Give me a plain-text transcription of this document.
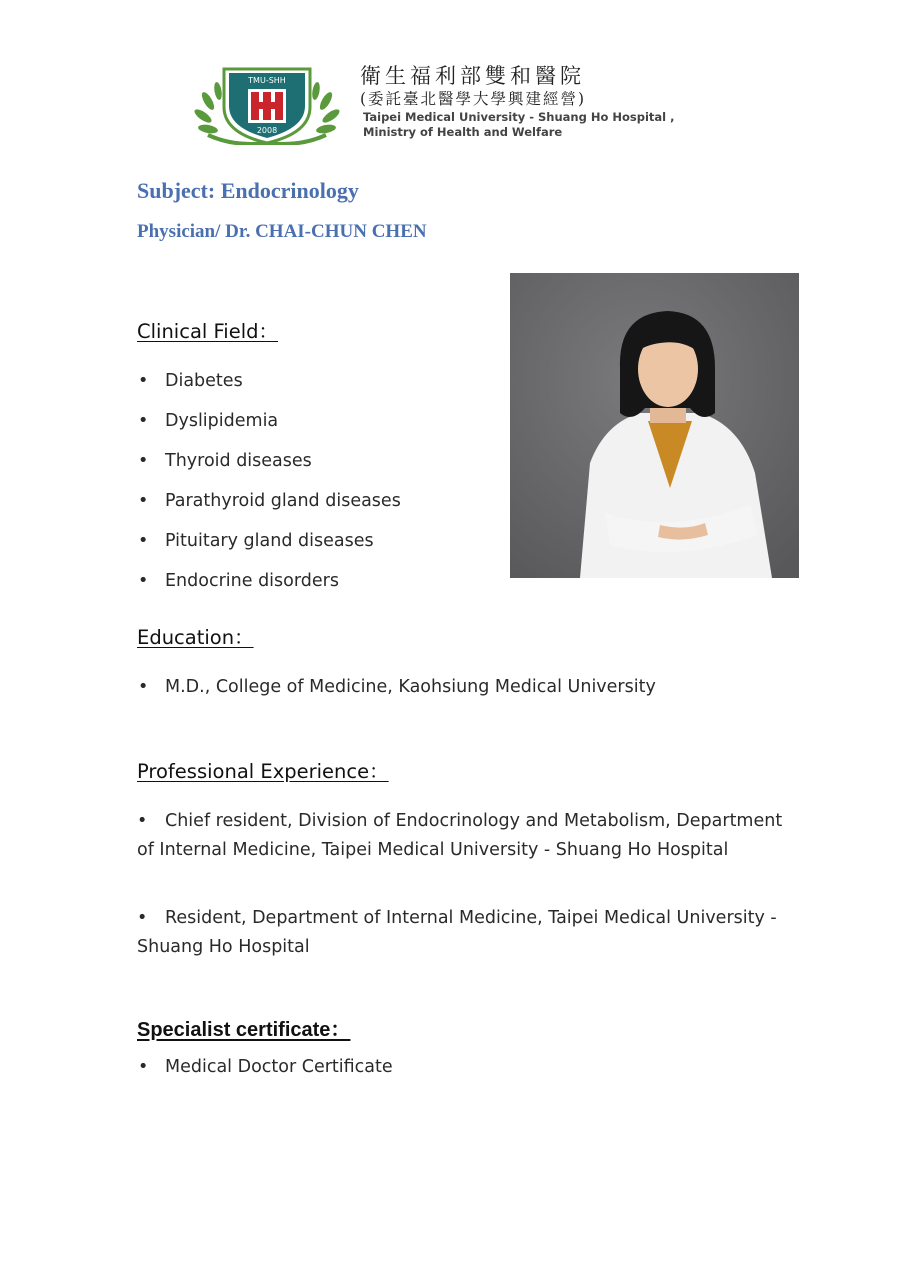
TMU-SHH
2008
衛生福利部雙和醫院
(委託臺北醫學大學興建經營)
Taipei Medical University - Shuang Ho Hospital ,
Ministry of Health and Welfare
Subject: Endocrinology
Physician/ Dr. CHAI-CHUN CHEN
Clinical Field：
• Diabetes
• Dyslipidemia
• Thyroid diseases
• Parathyroid gland diseases
• Pituitary gland diseases
• Endocrine disorders
Education：
• M.D., College of Medicine, Kaohsiung Medical University
Professional Experience：
• Chief resident, Division of Endocrinology and Metabolism, Department of Internal Medicine, Taipei Medical University - Shuang Ho Hospital
• Resident, Department of Internal Medicine, Taipei Medical University - Shuang Ho Hospital
Specialist certificate：
• Medical Doctor Certificate
